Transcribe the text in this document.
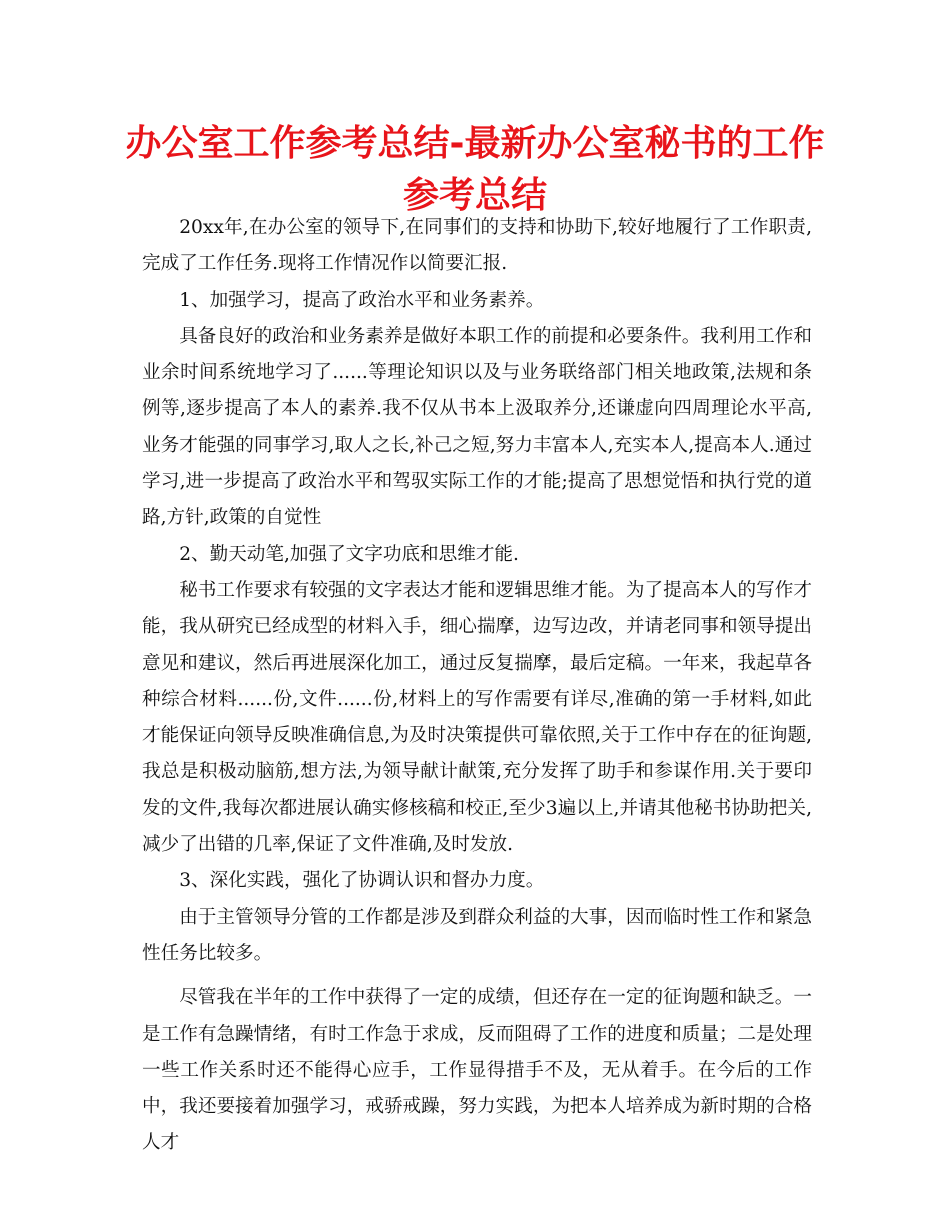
办公室工作参考总结-最新办公室秘书的工作参考总结

20xx年,在办公室的领导下,在同事们的支持和协助下,较好地履行了工作职责,完成了工作任务.现将工作情况作以简要汇报.

1、加强学习，提高了政治水平和业务素养。

具备良好的政治和业务素养是做好本职工作的前提和必要条件。我利用工作和业余时间系统地学习了......等理论知识以及与业务联络部门相关地政策,法规和条例等,逐步提高了本人的素养.我不仅从书本上汲取养分,还谦虚向四周理论水平高,业务才能强的同事学习,取人之长,补己之短,努力丰富本人,充实本人,提高本人.通过学习,进一步提高了政治水平和驾驭实际工作的才能;提高了思想觉悟和执行党的道路,方针,政策的自觉性

2、勤天动笔,加强了文字功底和思维才能.

秘书工作要求有较强的文字表达才能和逻辑思维才能。为了提高本人的写作才能，我从研究已经成型的材料入手，细心揣摩，边写边改，并请老同事和领导提出意见和建议，然后再进展深化加工，通过反复揣摩，最后定稿。一年来，我起草各种综合材料......份,文件......份,材料上的写作需要有详尽,准确的第一手材料,如此才能保证向领导反映准确信息,为及时决策提供可靠依照,关于工作中存在的征询题,我总是积极动脑筋,想方法,为领导献计献策,充分发挥了助手和参谋作用.关于要印发的文件,我每次都进展认确实修核稿和校正,至少3遍以上,并请其他秘书协助把关,减少了出错的几率,保证了文件准确,及时发放.

3、深化实践，强化了协调认识和督办力度。

由于主管领导分管的工作都是涉及到群众利益的大事，因而临时性工作和紧急性任务比较多。

尽管我在半年的工作中获得了一定的成绩，但还存在一定的征询题和缺乏。一是工作有急躁情绪，有时工作急于求成，反而阻碍了工作的进度和质量；二是处理一些工作关系时还不能得心应手，工作显得措手不及，无从着手。在今后的工作中，我还要接着加强学习，戒骄戒躁，努力实践，为把本人培养成为新时期的合格人才
